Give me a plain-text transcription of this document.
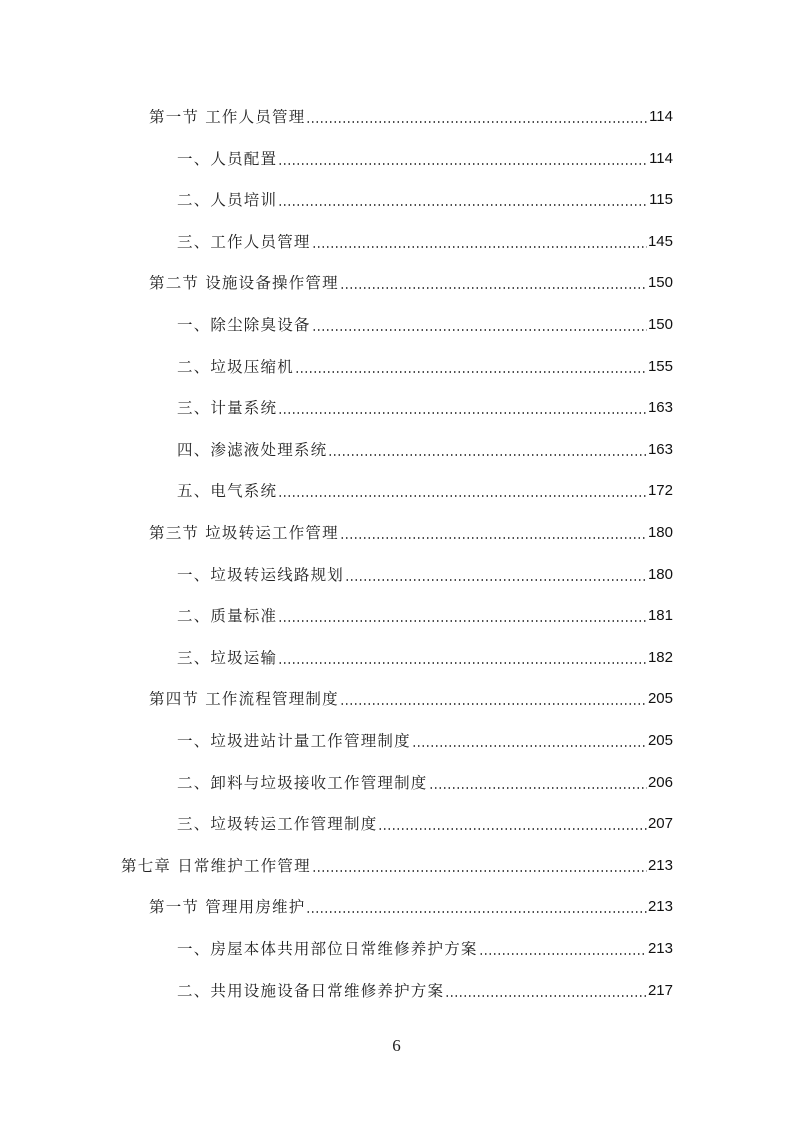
第一节 工作人员管理	114
一、人员配置	114
二、人员培训	115
三、工作人员管理	145
第二节 设施设备操作管理	150
一、除尘除臭设备	150
二、垃圾压缩机	155
三、计量系统	163
四、渗滤液处理系统	163
五、电气系统	172
第三节 垃圾转运工作管理	180
一、垃圾转运线路规划	180
二、质量标准	181
三、垃圾运输	182
第四节 工作流程管理制度	205
一、垃圾进站计量工作管理制度	205
二、卸料与垃圾接收工作管理制度	206
三、垃圾转运工作管理制度	207
第七章 日常维护工作管理	213
第一节 管理用房维护	213
一、房屋本体共用部位日常维修养护方案	213
二、共用设施设备日常维修养护方案	217
6
